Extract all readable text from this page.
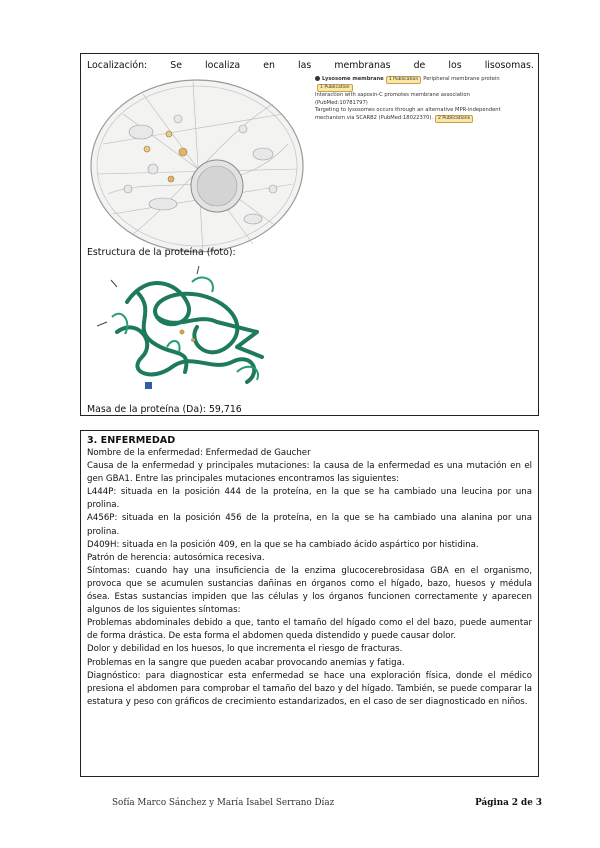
Localización: Se localiza en las membranas de los lisosomas.
Lysosome membrane 1 Publication Peripheral membrane protein
1 Publication
Interaction with saposin-C promotes membrane association
(PubMed:10781797)
Targeting to lysosomes occurs through an alternative MPR-independent
mechanism via SCARB2 (PubMed:18022370). 2 Publications
Estructura de la proteína (foto):
Masa de la proteína (Da): 59,716
3. ENFERMEDAD

Nombre de la enfermedad: Enfermedad de Gaucher

Causa de la enfermedad y principales mutaciones: la causa de la enfermedad es una mutación en el gen GBA1. Entre las principales mutaciones encontramos las siguientes:

L444P: situada en la posición 444 de la proteína, en la que se ha cambiado una leucina por una prolina.

A456P: situada en la posición 456 de la proteína, en la que se ha cambiado una alanina por una prolina.

D409H: situada en la posición 409, en la que se ha cambiado ácido aspártico por histidina.

Patrón de herencia: autosómica recesiva.

Síntomas: cuando hay una insuficiencia de la enzima glucocerebrosidasa GBA en el organismo, provoca que se acumulen sustancias dañinas en órganos como el hígado, bazo, huesos y médula ósea. Estas sustancias impiden que las células y los órganos funcionen correctamente y aparecen algunos de los siguientes síntomas:

Problemas abdominales debido a que, tanto el tamaño del hígado como el del bazo, puede aumentar de forma drástica. De esta forma el abdomen queda distendido y puede causar dolor.

Dolor y debilidad en los huesos, lo que incrementa el riesgo de fracturas.

Problemas en la sangre que pueden acabar provocando anemias y fatiga.

Diagnóstico: para diagnosticar esta enfermedad se hace una exploración física, donde el médico presiona el abdomen para comprobar el tamaño del bazo y del hígado. También, se puede comparar la estatura y peso con gráficos de crecimiento estandarizados, en el caso de ser diagnosticado en niños.

Sofía Marco Sánchez y María Isabel Serrano Díaz	Página 2 de 3
